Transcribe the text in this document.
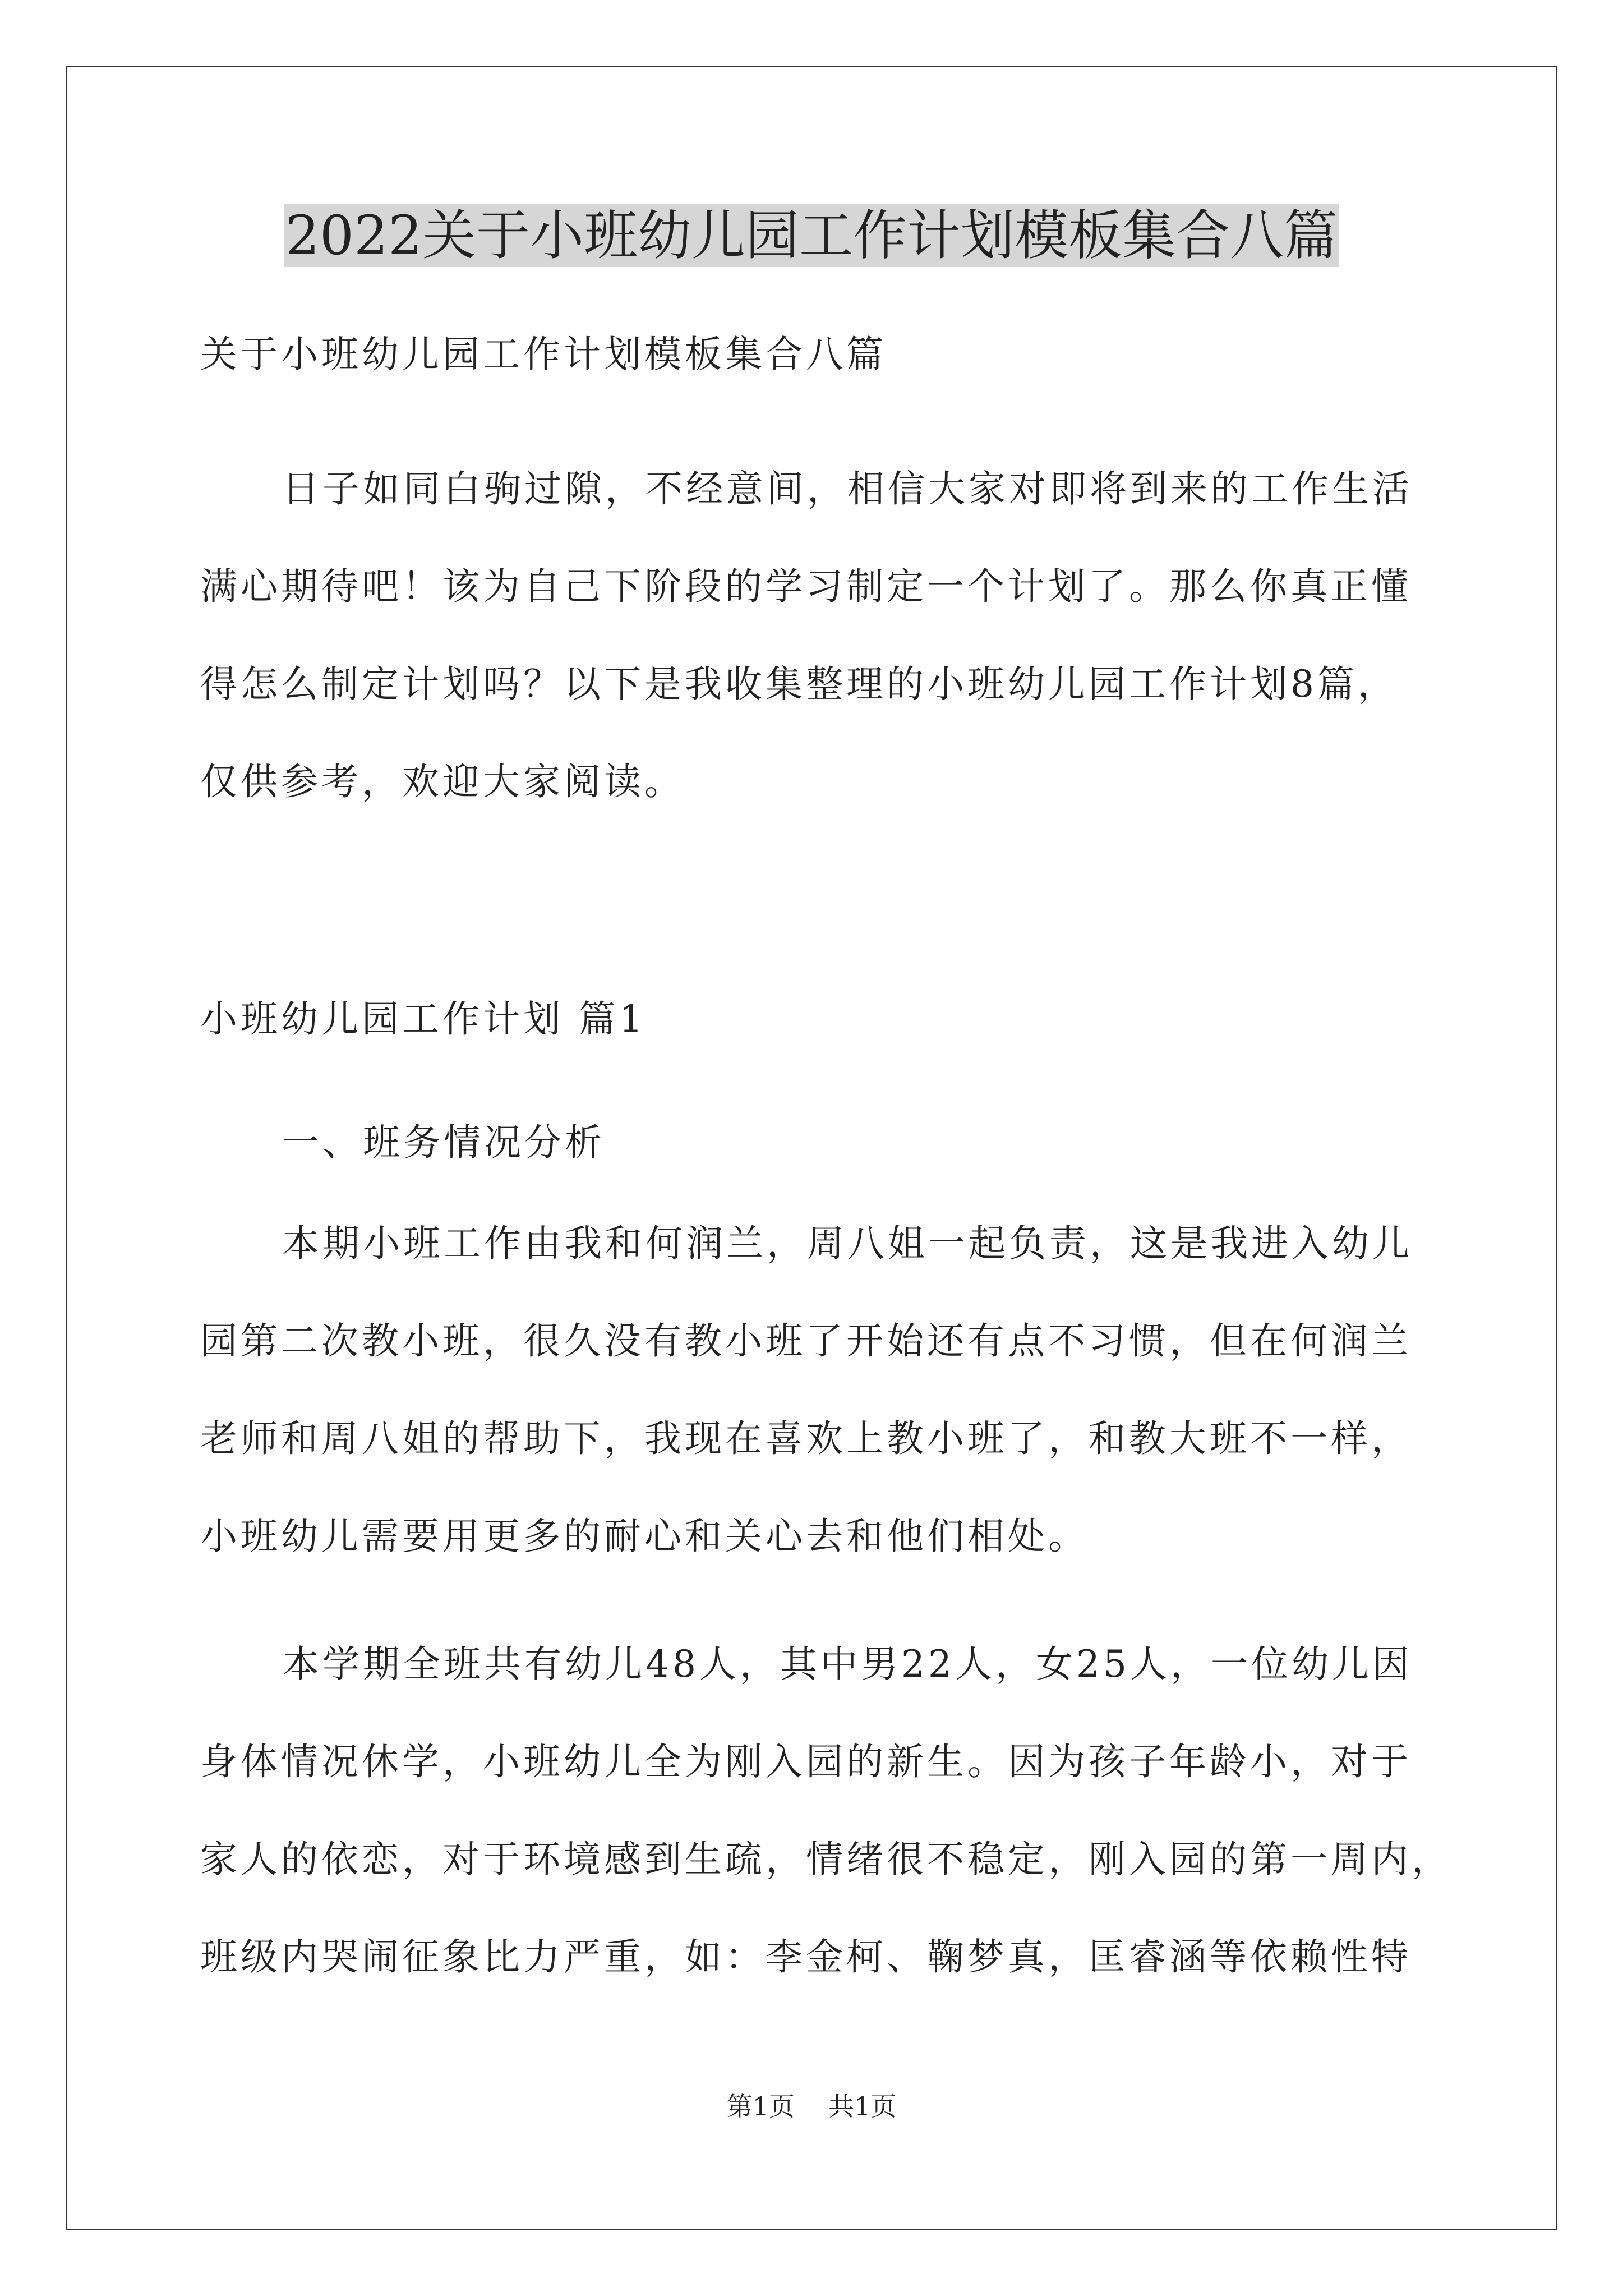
2022关于小班幼儿园工作计划模板集合八篇
关于小班幼儿园工作计划模板集合八篇
日子如同白驹过隙，不经意间，相信大家对即将到来的工作生活
满心期待吧！该为自己下阶段的学习制定一个计划了。那么你真正懂
得怎么制定计划吗？以下是我收集整理的小班幼儿园工作计划8篇，
仅供参考，欢迎大家阅读。
小班幼儿园工作计划 篇1
一、班务情况分析
本期小班工作由我和何润兰，周八姐一起负责，这是我进入幼儿
园第二次教小班，很久没有教小班了开始还有点不习惯，但在何润兰
老师和周八姐的帮助下，我现在喜欢上教小班了，和教大班不一样，
小班幼儿需要用更多的耐心和关心去和他们相处。
本学期全班共有幼儿48人，其中男22人，女25人，一位幼儿因
身体情况休学，小班幼儿全为刚入园的新生。因为孩子年龄小，对于
家人的依恋，对于环境感到生疏，情绪很不稳定，刚入园的第一周内，
班级内哭闹征象比力严重，如：李金柯、鞠梦真，匡睿涵等依赖性特
第1页 共1页
